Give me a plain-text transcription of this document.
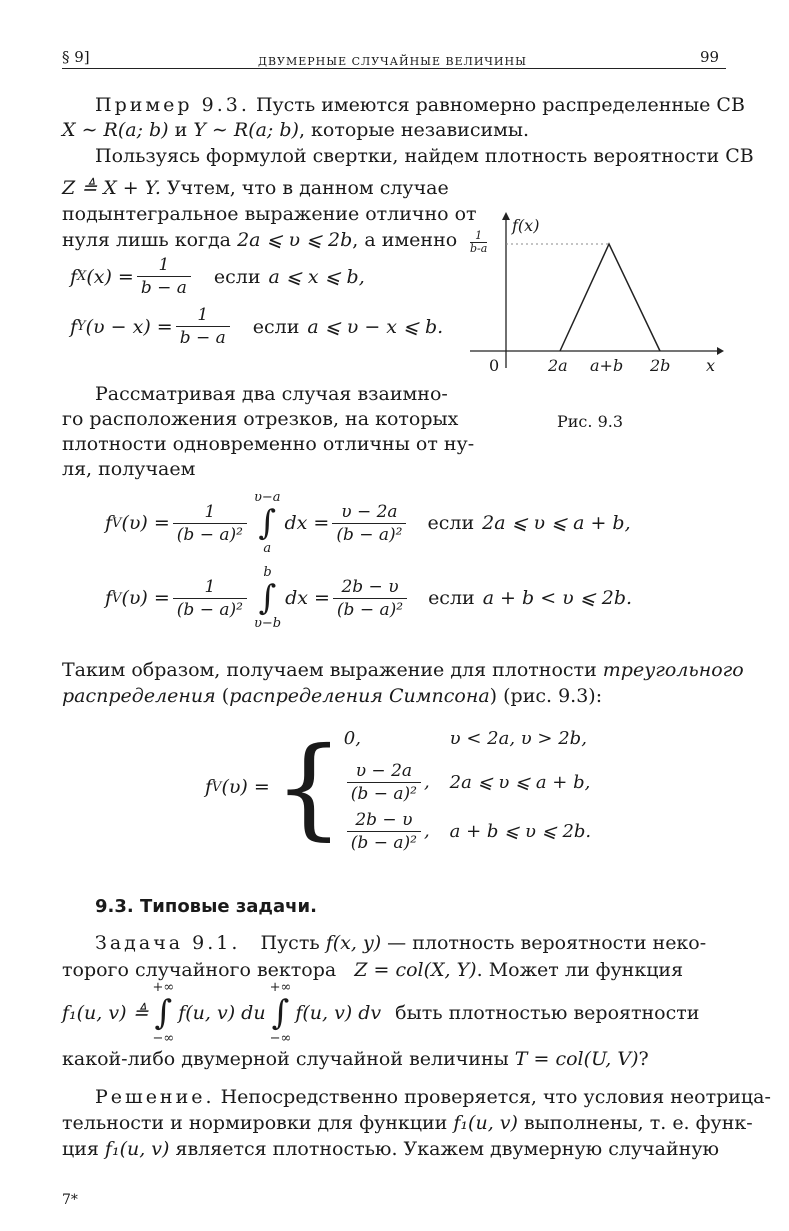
§ 9]	ДВУМЕРНЫЕ СЛУЧАЙНЫЕ ВЕЛИЧИНЫ	99
Пример 9.3. Пусть имеются равномерно распределенные СВ
X ∼ R(a; b) и Y ∼ R(a; b), которые независимы.
Пользуясь формулой свертки, найдем плотность вероятности СВ
Z ≜ X + Y. Учтем, что в данном случае
подынтегральное выражение отлично от
нуля лишь когда 2a ⩽ υ ⩽ 2b, а именно
f X $(x) = \frac{1}{b - a}$ если a ⩽ x ⩽ b,
f Y $(\upsilon - x) = \frac{1}{b - a}$ если a ⩽ υ − x ⩽ b.
f(x)
$\frac{1}{b-a}$
0	2a a+b 2b x
Рис. 9.3
Рассматривая два случая взаимно-
го расположения отрезков, на которых
плотности одновременно отличны от ну-
ля, получаем
f V $(\upsilon) = \frac{1}{\text{(b − a)²}}$
υ−a
∫
a
dx = $\frac{\upsilon - 2a}{\text{(b − a)²}}$ если 2a ⩽ υ ⩽ a + b,
f V $(\upsilon) = \frac{1}{\text{(b − a)²}}$
b
∫
υ−b
dx = $\frac{2b - \upsilon}{\text{(b − a)²}}$ если a + b < υ ⩽ 2b.
Таким образом, получаем выражение для плотности треугольного
распределения (распределения Симпсона) (рис. 9.3):
f V (υ) = { 0,	υ < 2a, υ > 2b,

$\frac{\upsilon - 2a}{\text{(b − a)²}}$ ,	2a ⩽ υ ⩽ a + b,

$\frac{2b - \upsilon}{\text{(b − a)²}}$ ,	a + b ⩽ υ ⩽ 2b.
9.3. Типовые задачи.
Задача 9.1. Пусть f(x, y) — плотность вероятности неко-
торого случайного вектора Z = col(X, Y). Может ли функция
f₁(u, v) ≜
+∞
∫
−∞
f(u, v) du
+∞
∫
−∞
f(u, v) dv быть плотностью вероятности
какой-либо двумерной случайной величины T = col(U, V)?
Решение. Непосредственно проверяется, что условия неотрица-
тельности и нормировки для функции f₁(u, v) выполнены, т. е. функ-
ция f₁(u, v) является плотностью. Укажем двумерную случайную
7*
